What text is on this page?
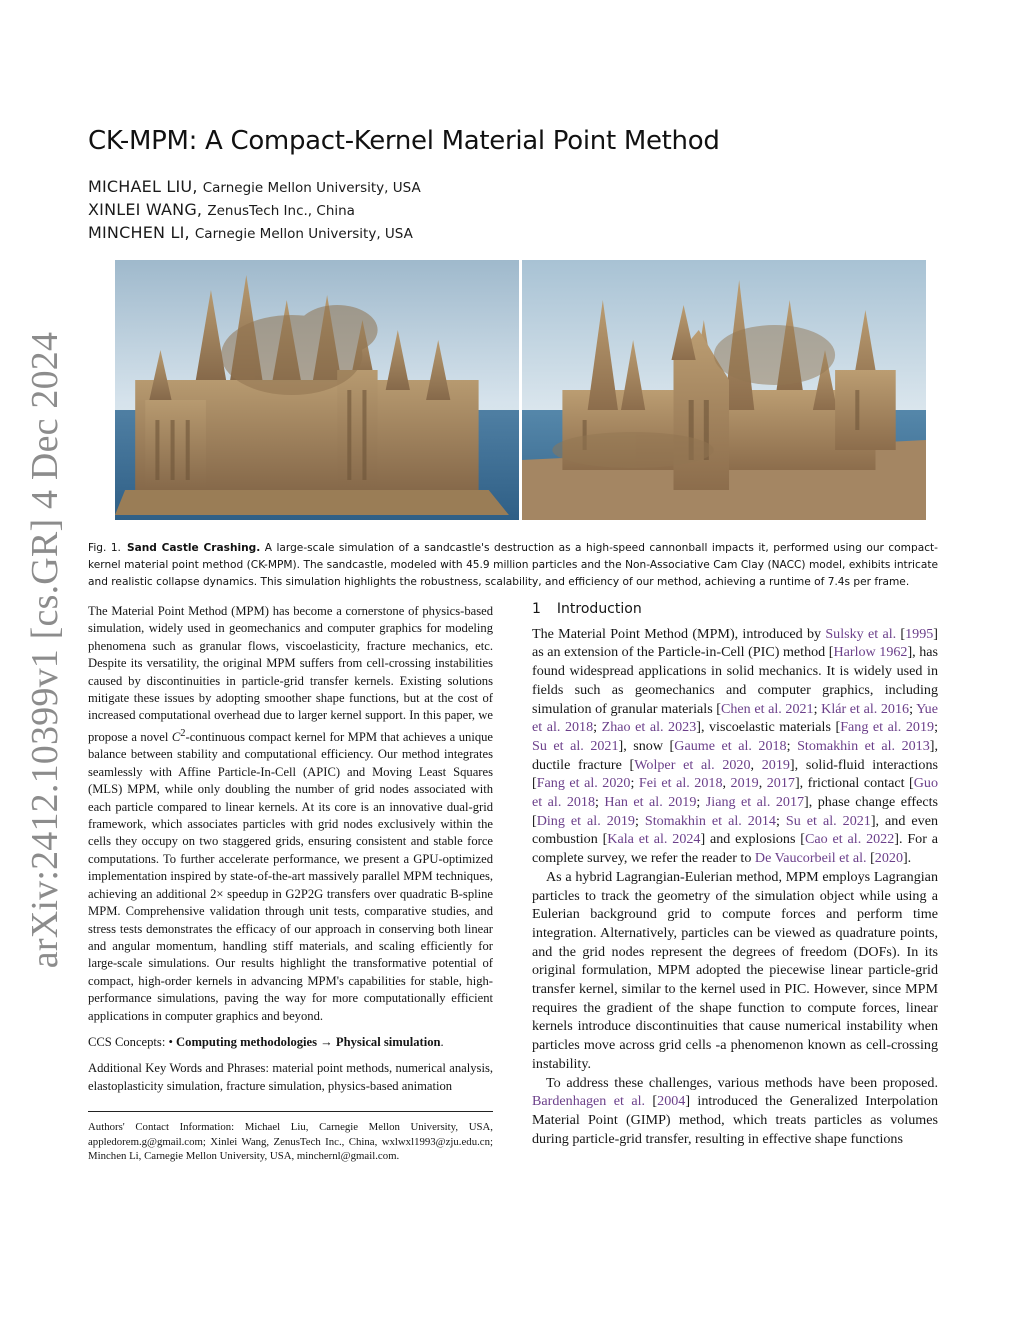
arXiv:2412.10399v1 [cs.GR] 4 Dec 2024
CK-MPM: A Compact-Kernel Material Point Method
MICHAEL LIU, Carnegie Mellon University, USA
XINLEI WANG, ZenusTech Inc., China
MINCHEN LI, Carnegie Mellon University, USA
Fig. 1. Sand Castle Crashing. A large-scale simulation of a sandcastle's destruction as a high-speed cannonball impacts it, performed using our compact-kernel material point method (CK-MPM). The sandcastle, modeled with 45.9 million particles and the Non-Associative Cam Clay (NACC) model, exhibits intricate and realistic collapse dynamics. This simulation highlights the robustness, scalability, and efficiency of our method, achieving a runtime of 7.4s per frame.

The Material Point Method (MPM) has become a cornerstone of physics-based simulation, widely used in geomechanics and computer graphics for modeling phenomena such as granular flows, viscoelasticity, fracture mechanics, etc. Despite its versatility, the original MPM suffers from cell-crossing instabilities caused by discontinuities in particle-grid transfer kernels. Existing solutions mitigate these issues by adopting smoother shape functions, but at the cost of increased computational overhead due to larger kernel support. In this paper, we propose a novel $C^2$-continuous compact kernel for MPM that achieves a unique balance between stability and computational efficiency. Our method integrates seamlessly with Affine Particle-In-Cell (APIC) and Moving Least Squares (MLS) MPM, while only doubling the number of grid nodes associated with each particle compared to linear kernels. At its core is an innovative dual-grid framework, which associates particles with grid nodes exclusively within the cells they occupy on two staggered grids, ensuring consistent and stable force computations. To further accelerate performance, we present a GPU-optimized implementation inspired by state-of-the-art massively parallel MPM techniques, achieving an additional 2× speedup in G2P2G transfers over quadratic B-spline MPM. Comprehensive validation through unit tests, comparative studies, and stress tests demonstrates the efficacy of our approach in conserving both linear and angular momentum, handling stiff materials, and scaling efficiently for large-scale simulations. Our results highlight the transformative potential of compact, high-order kernels in advancing MPM's capabilities for stable, high-performance simulations, paving the way for more computationally efficient applications in computer graphics and beyond.

CCS Concepts: • Computing methodologies → Physical simulation.

Additional Key Words and Phrases: material point methods, numerical analysis, elastoplasticity simulation, fracture simulation, physics-based animation

Authors' Contact Information: Michael Liu, Carnegie Mellon University, USA, appledorem.g@gmail.com; Xinlei Wang, ZenusTech Inc., China, wxlwxl1993@zju.edu.cn; Minchen Li, Carnegie Mellon University, USA, minchernl@gmail.com.

1 Introduction

The Material Point Method (MPM), introduced by Sulsky et al. [1995] as an extension of the Particle-in-Cell (PIC) method [Harlow 1962], has found widespread applications in solid mechanics. It is widely used in fields such as geomechanics and computer graphics, including simulation of granular materials [Chen et al. 2021; Klár et al. 2016; Yue et al. 2018; Zhao et al. 2023], viscoelastic materials [Fang et al. 2019; Su et al. 2021], snow [Gaume et al. 2018; Stomakhin et al. 2013], ductile fracture [Wolper et al. 2020, 2019], solid-fluid interactions [Fang et al. 2020; Fei et al. 2018, 2019, 2017], frictional contact [Guo et al. 2018; Han et al. 2019; Jiang et al. 2017], phase change effects [Ding et al. 2019; Stomakhin et al. 2014; Su et al. 2021], and even combustion [Kala et al. 2024] and explosions [Cao et al. 2022]. For a complete survey, we refer the reader to De Vaucorbeil et al. [2020].

As a hybrid Lagrangian-Eulerian method, MPM employs Lagrangian particles to track the geometry of the simulation object while using a Eulerian background grid to compute forces and perform time integration. Alternatively, particles can be viewed as quadrature points, and the grid nodes represent the degrees of freedom (DOFs). In its original formulation, MPM adopted the piecewise linear particle-grid transfer kernel, similar to the kernel used in PIC. However, since MPM requires the gradient of the shape function to compute forces, linear kernels introduce discontinuities that cause numerical instability when particles move across grid cells -a phenomenon known as cell-crossing instability.

To address these challenges, various methods have been proposed. Bardenhagen et al. [2004] introduced the Generalized Interpolation Material Point (GIMP) method, which treats particles as volumes during particle-grid transfer, resulting in effective shape functions
